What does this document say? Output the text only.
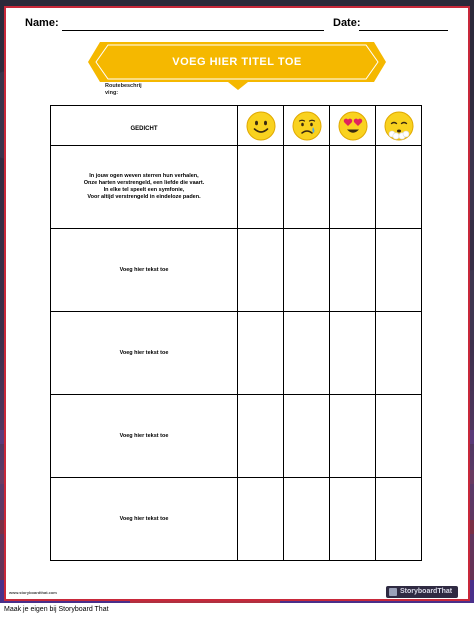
Name:	Date:
VOEG HIER TITEL TOE
Routebeschrij ving:
GEDICHT				

In jouw ogen weven sterren hun verhalen,
Onze harten verstrengeld, een liefde die vaart.
In elke tel speelt een symfonie,
Voor altijd verstrengeld in eindeloze paden.				

Voeg hier tekst toe				

Voeg hier tekst toe				

Voeg hier tekst toe				

Voeg hier tekst toe				

www.storyboardthat.com	StoryboardThat
Maak je eigen bij Storyboard That
